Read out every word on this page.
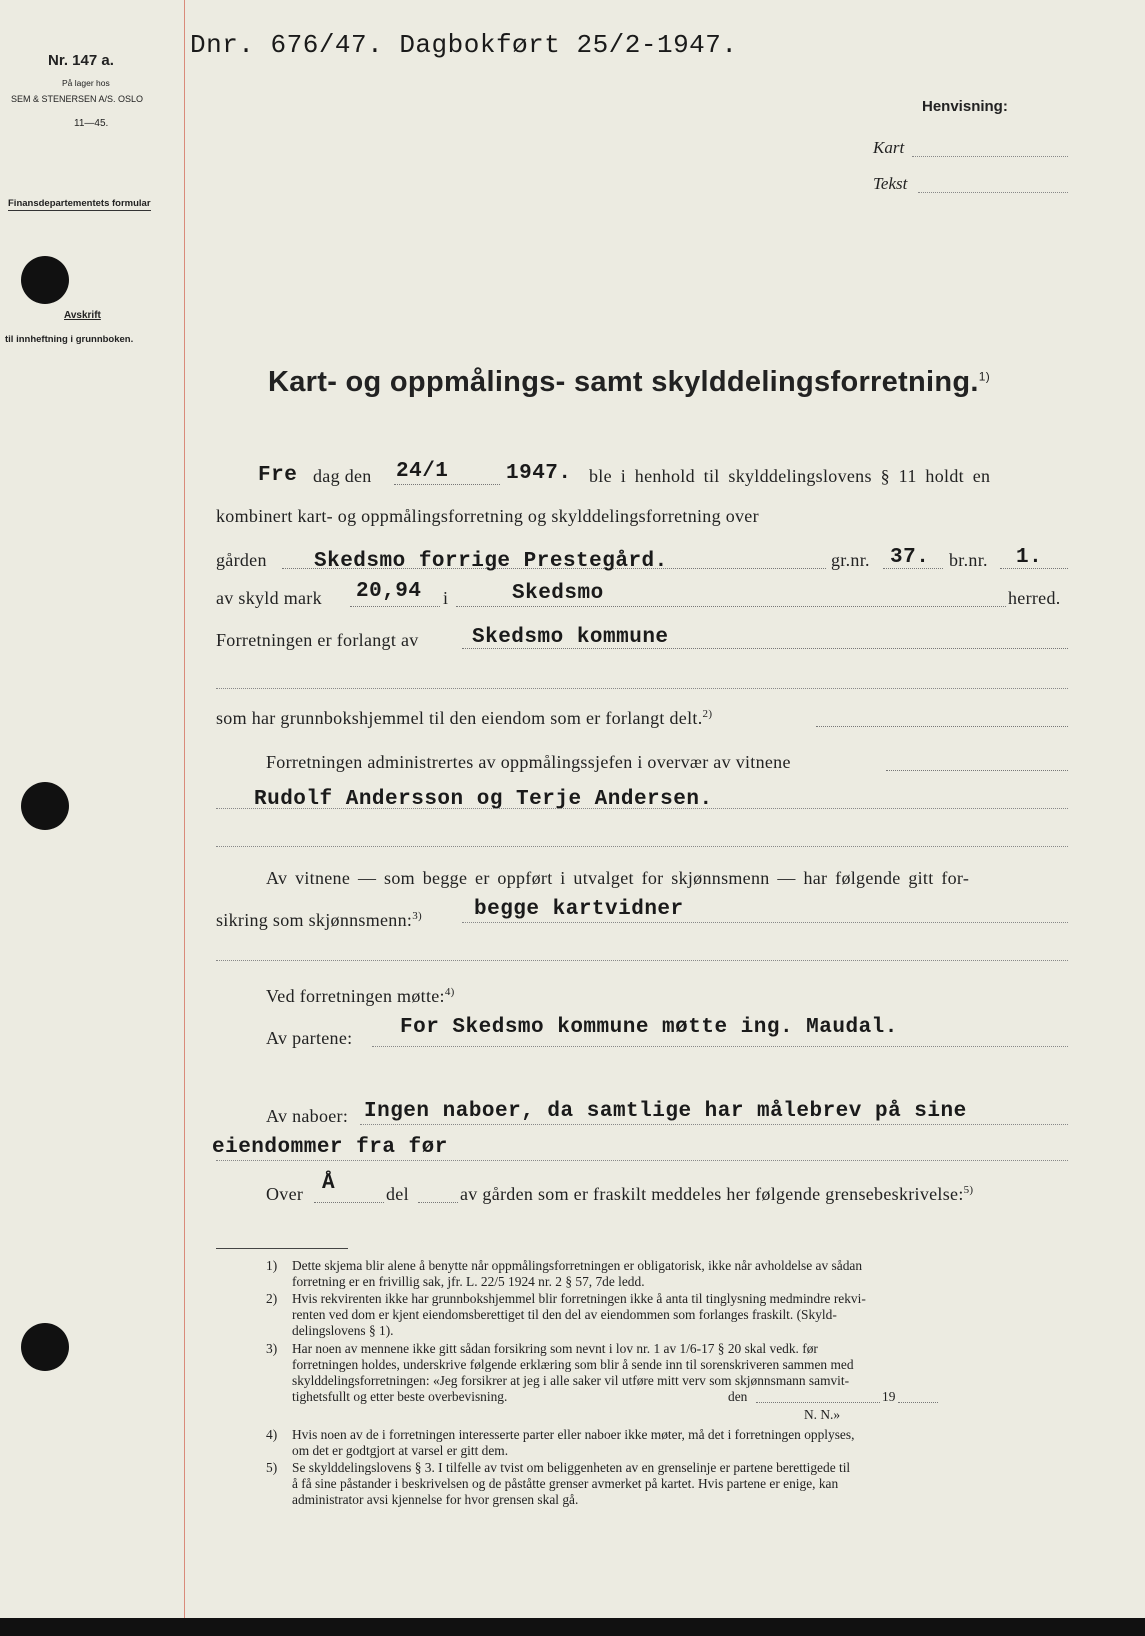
Dnr. 676/47. Dagbokført 25/2-1947.
Nr. 147 a.
På lager hos
SEM & STENERSEN A/S. OSLO
11—45.
Finansdepartementets formular
Avskrift
til innheftning i grunnboken.
Henvisning:
Kart
Tekst
Kart- og oppmålings- samt skylddelingsforretning.$^{1)}$
Fre dag den 24/1	1947. ble i henhold til skylddelingslovens § 11 holdt en
kombinert kart- og oppmålingsforretning og skylddelingsforretning over
gården Skedsmo forrige Prestegård.	gr.nr. 37. br.nr. 1.
av skyld mark 20,94 i	Skedsmo	herred.
Forretningen er forlangt av	Skedsmo kommune
som har grunnbokshjemmel til den eiendom som er forlangt delt.$^{2)}$
Forretningen administrertes av oppmålingssjefen i overvær av vitnene
Rudolf Andersson og Terje Andersen.
Av vitnene — som begge er oppført i utvalget for skjønnsmenn — har følgende gitt for-
sikring som skjønnsmenn:$^{3)}$ begge kartvidner
Ved forretningen møtte:$^{4)}$
Av partene: For Skedsmo kommune møtte ing. Maudal.
Av naboer: Ingen naboer, da samtlige har målebrev på sine
eiendommer fra før
Over Å	del	av gården som er fraskilt meddeles her følgende grensebeskrivelse:$^{5)}$
1) Dette skjema blir alene å benytte når oppmålingsforretningen er obligatorisk, ikke når avholdelse av sådan
forretning er en frivillig sak, jfr. L. 22/5 1924 nr. 2 § 57, 7de ledd.
2) Hvis rekvirenten ikke har grunnbokshjemmel blir forretningen ikke å anta til tinglysning medmindre rekvi-
renten ved dom er kjent eiendomsberettiget til den del av eiendommen som forlanges fraskilt. (Skyld-
delingslovens § 1).
3) Har noen av mennene ikke gitt sådan forsikring som nevnt i lov nr. 1 av 1/6-17 § 20 skal vedk. før
forretningen holdes, underskrive følgende erklæring som blir å sende inn til sorenskriveren sammen med
skylddelingsforretningen: «Jeg forsikrer at jeg i alle saker vil utføre mitt verv som skjønnsmann samvit-
tighetsfullt og etter beste overbevisning.	den	19
N. N.»
4) Hvis noen av de i forretningen interesserte parter eller naboer ikke møter, må det i forretningen opplyses,
om det er godtgjort at varsel er gitt dem.
5) Se skylddelingslovens § 3. I tilfelle av tvist om beliggenheten av en grenselinje er partene berettigede til
å få sine påstander i beskrivelsen og de påståtte grenser avmerket på kartet. Hvis partene er enige, kan
administrator avsi kjennelse for hvor grensen skal gå.
